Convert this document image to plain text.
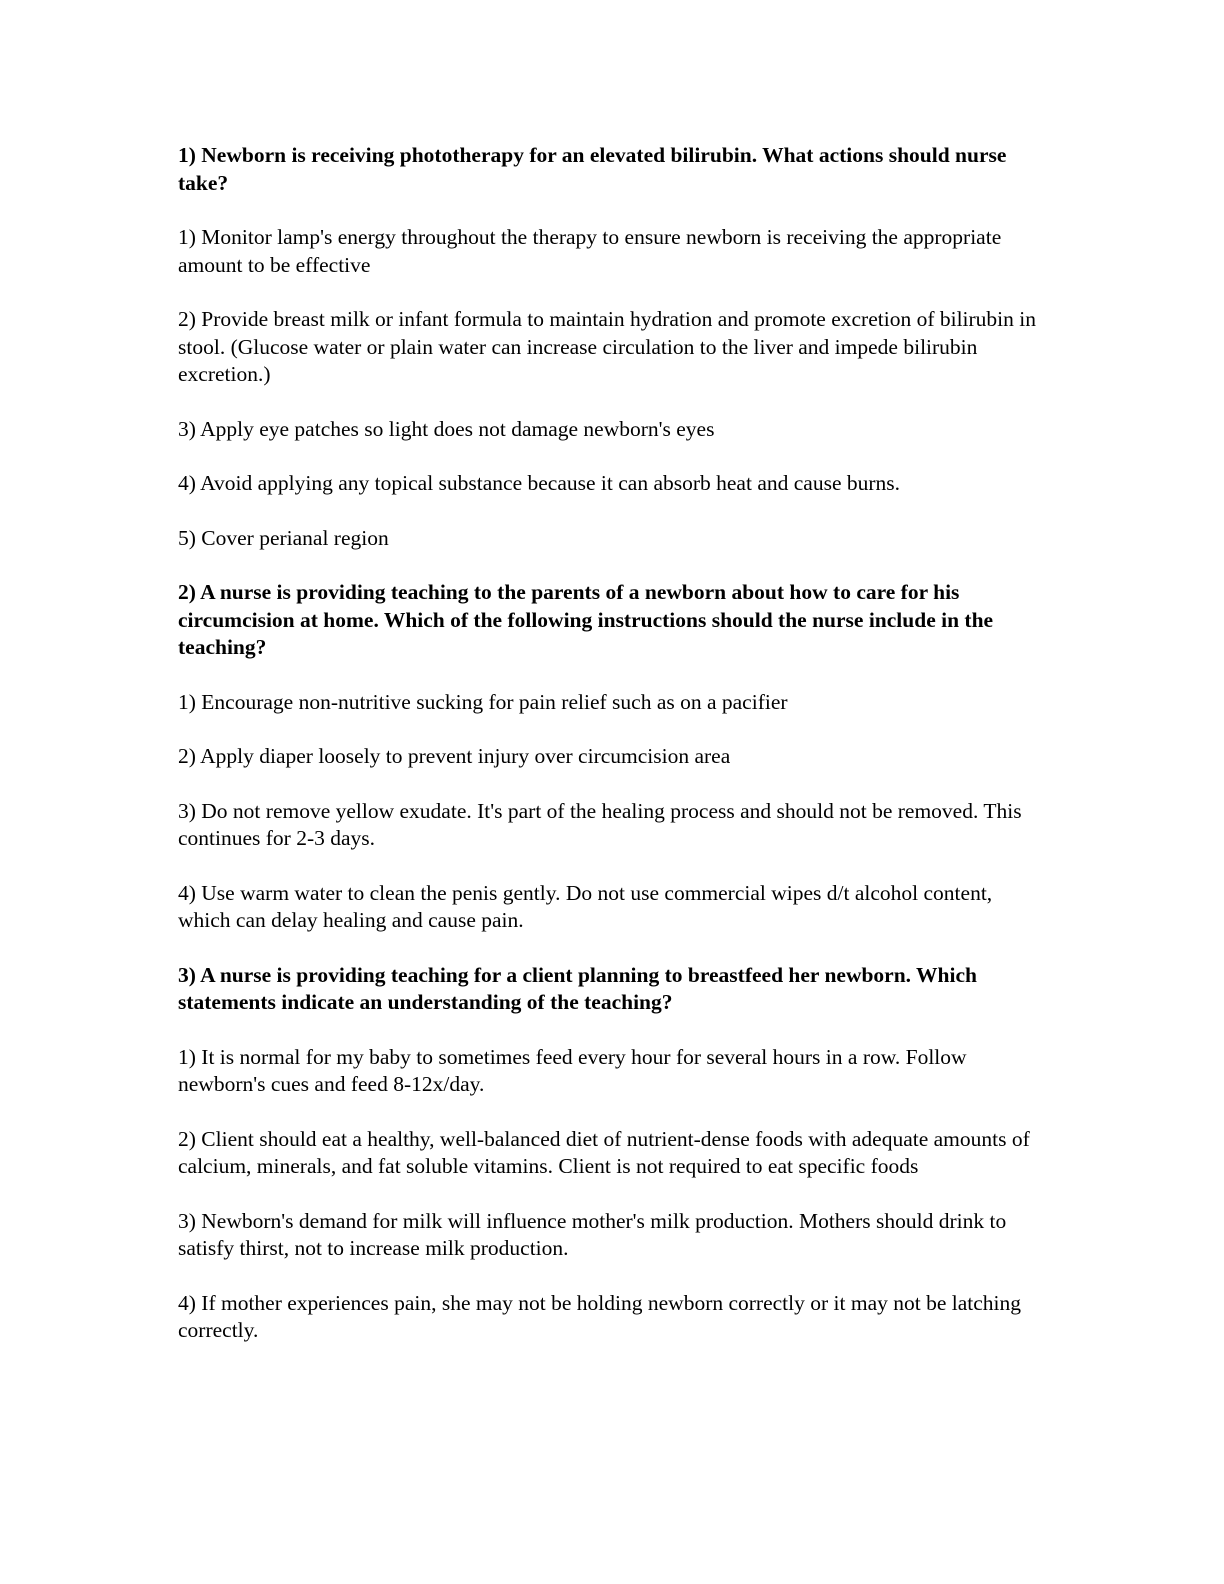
1) Newborn is receiving phototherapy for an elevated bilirubin. What actions should nurse take?

1) Monitor lamp's energy throughout the therapy to ensure newborn is receiving the appropriate amount to be effective

2) Provide breast milk or infant formula to maintain hydration and promote excretion of bilirubin in stool. (Glucose water or plain water can increase circulation to the liver and impede bilirubin excretion.)

3) Apply eye patches so light does not damage newborn's eyes

4) Avoid applying any topical substance because it can absorb heat and cause burns.

5) Cover perianal region

2) A nurse is providing teaching to the parents of a newborn about how to care for his circumcision at home. Which of the following instructions should the nurse include in the teaching?

1) Encourage non-nutritive sucking for pain relief such as on a pacifier

2) Apply diaper loosely to prevent injury over circumcision area

3) Do not remove yellow exudate. It's part of the healing process and should not be removed. This continues for 2-3 days.

4) Use warm water to clean the penis gently. Do not use commercial wipes d/t alcohol content, which can delay healing and cause pain.

3) A nurse is providing teaching for a client planning to breastfeed her newborn. Which statements indicate an understanding of the teaching?

1) It is normal for my baby to sometimes feed every hour for several hours in a row. Follow newborn's cues and feed 8-12x/day.

2) Client should eat a healthy, well-balanced diet of nutrient-dense foods with adequate amounts of calcium, minerals, and fat soluble vitamins. Client is not required to eat specific foods

3) Newborn's demand for milk will influence mother's milk production. Mothers should drink to satisfy thirst, not to increase milk production.

4) If mother experiences pain, she may not be holding newborn correctly or it may not be latching correctly.
